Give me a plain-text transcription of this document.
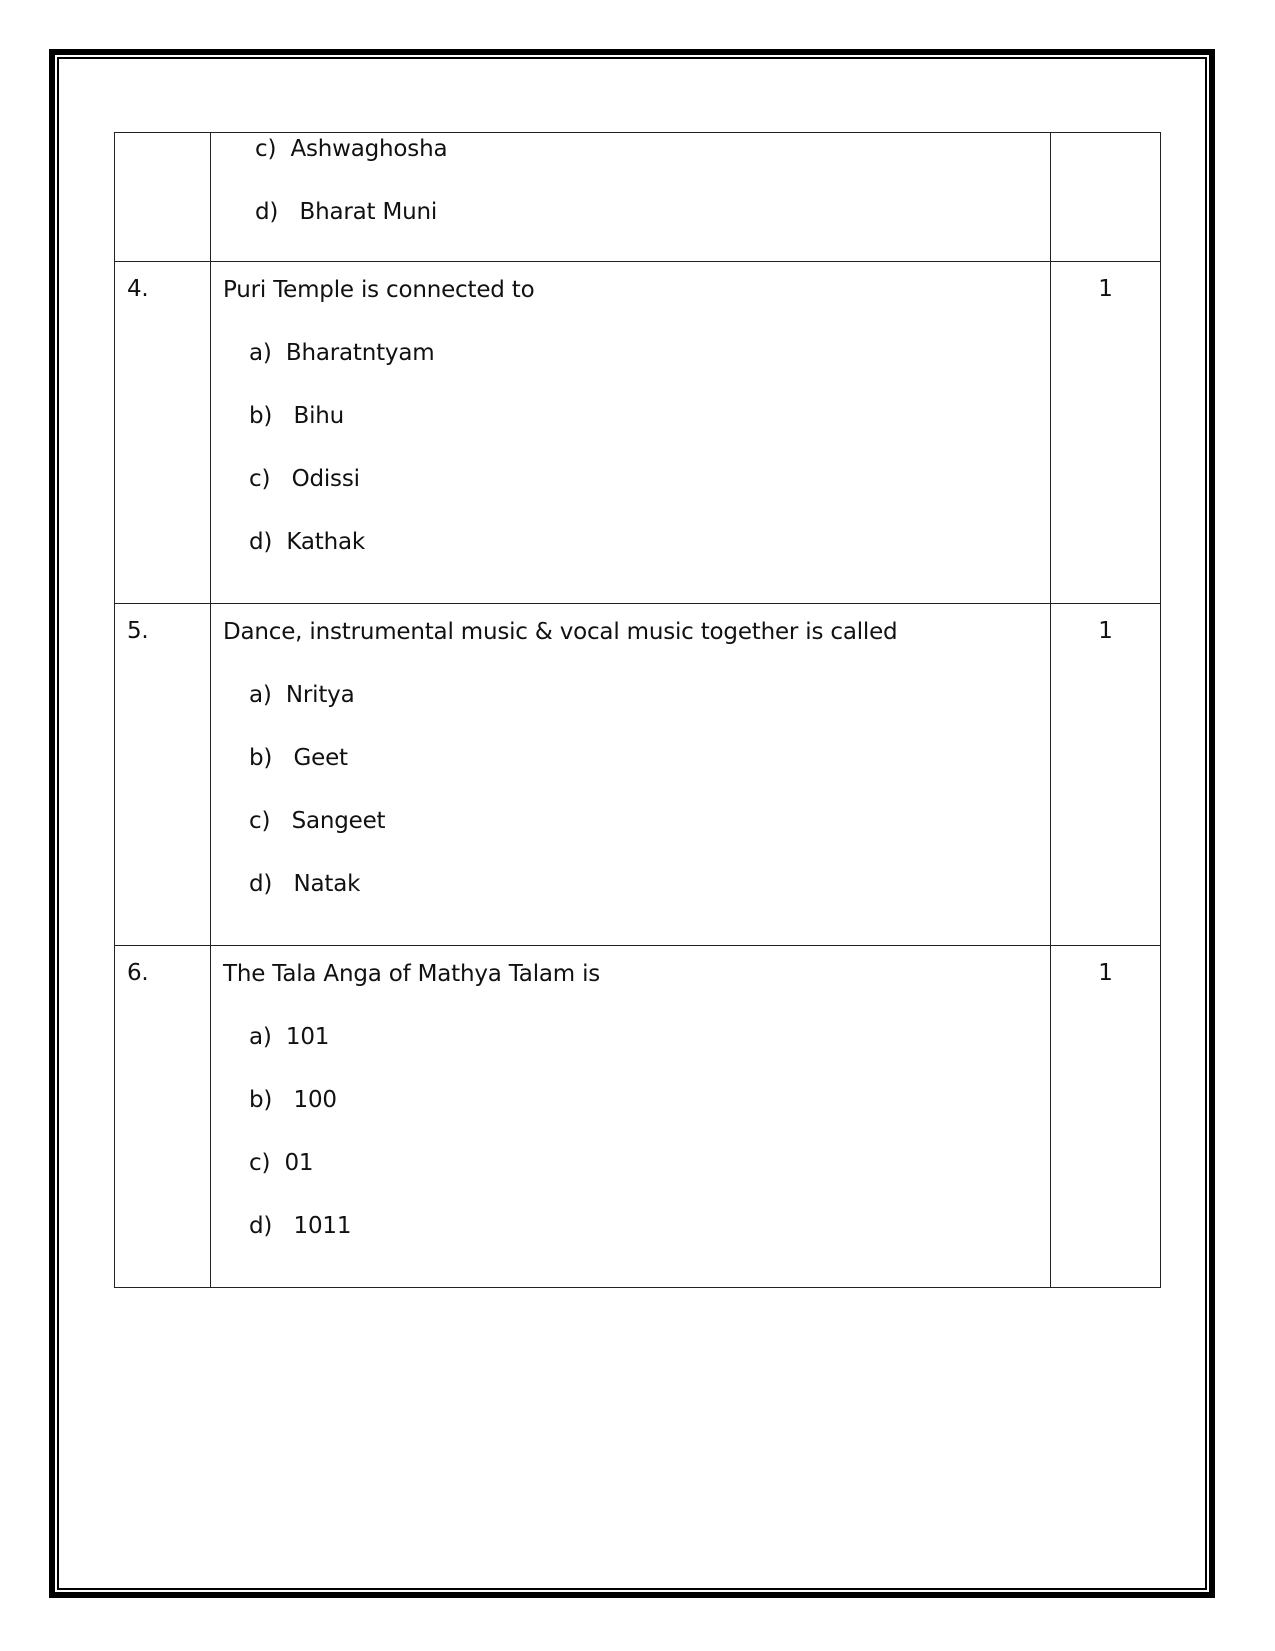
	c) Ashwaghosha
d) Bharat Muni	

4.	Puri Temple is connected to
a) Bharatntyam
b) Bihu
c) Odissi
d) Kathak	1
5.	Dance, instrumental music & vocal music together is called
a) Nritya
b) Geet
c) Sangeet
d) Natak	1
6.	The Tala Anga of Mathya Talam is
a) 101
b) 100
c) 01
d) 1011	1
